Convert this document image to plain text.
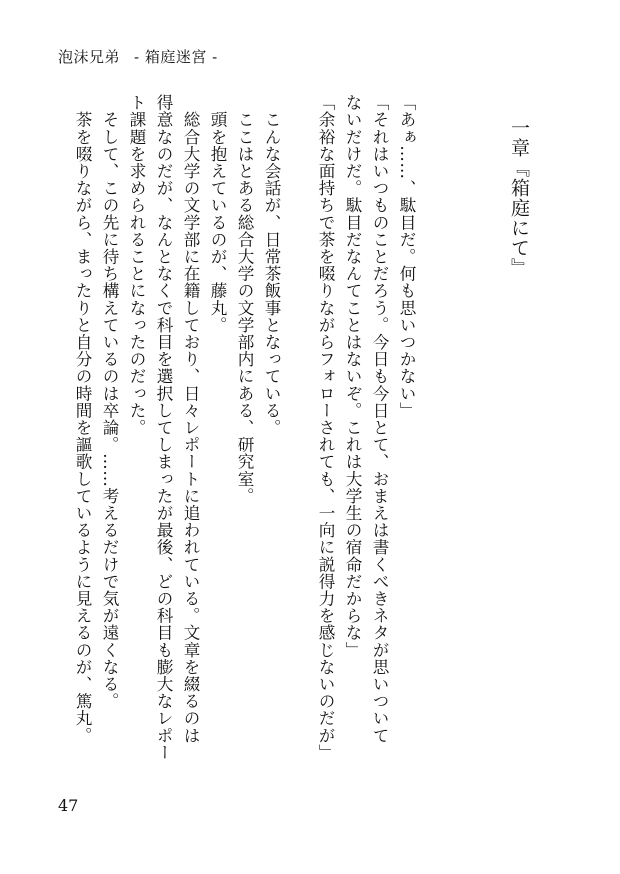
泡沫兄弟 - 箱庭迷宮 -
一章『箱庭にて』

「あぁ……、駄目だ。何も思いつかない」

「それはいつものことだろう。今日も今日とて、おまえは書くべきネタが思いついて

ないだけだ。駄目だなんてことはないぞ。これは大学生の宿命だからな」

「余裕な面持ちで茶を啜りながらフォローされても、一向に説得力を感じないのだが」

　こんな会話が、日常茶飯事となっている。

　ここはとある総合大学の文学部内にある、研究室。

　頭を抱えているのが、藤丸。

　総合大学の文学部に在籍しており、日々レポートに追われている。文章を綴るのは

得意なのだが、なんとなくで科目を選択してしまったが最後、どの科目も膨大なレポー

ト課題を求められることになったのだった。

　そして、この先に待ち構えているのは卒論。……考えるだけで気が遠くなる。

　茶を啜りながら、まったりと自分の時間を謳歌しているように見えるのが、篤丸。

47
